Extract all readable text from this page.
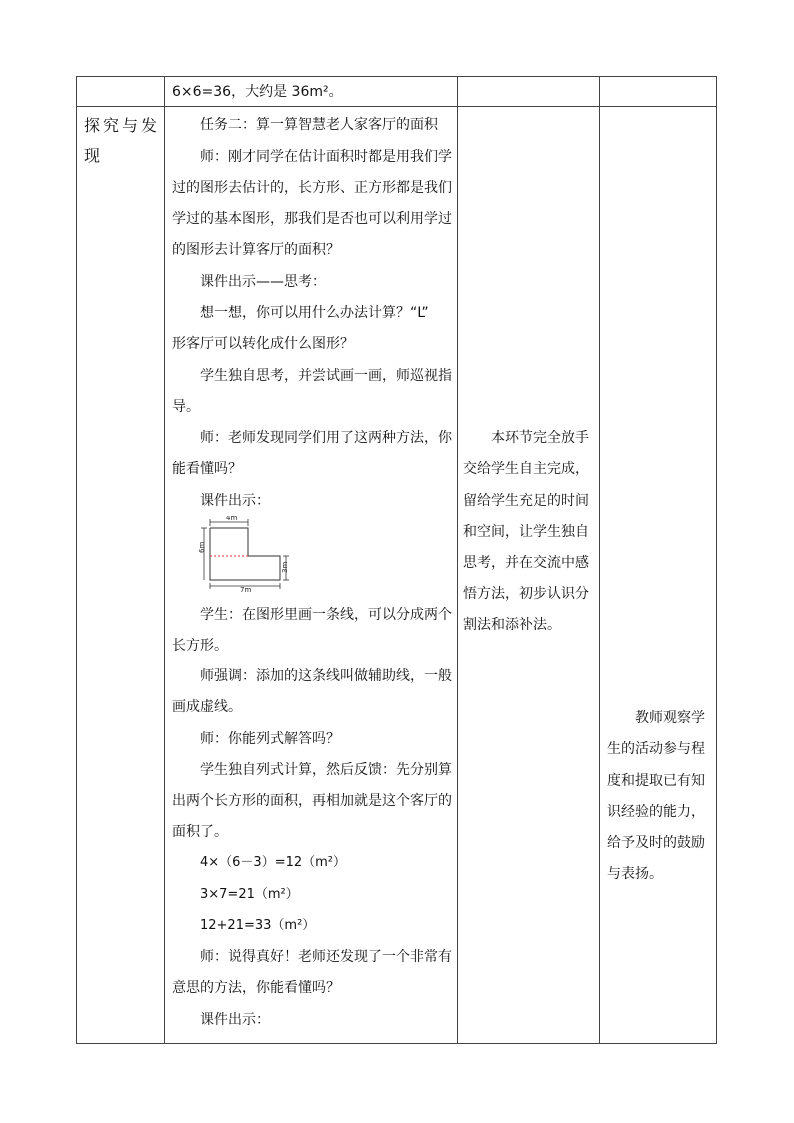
6×6=36，大约是 36m²。
探究与发
现
任务二：算一算智慧老人家客厅的面积
师：刚才同学在估计面积时都是用我们学
过的图形去估计的，长方形、正方形都是我们
学过的基本图形，那我们是否也可以利用学过
的图形去计算客厅的面积？
课件出示——思考：
想一想，你可以用什么办法计算？“L”
形客厅可以转化成什么图形？
学生独自思考，并尝试画一画，师巡视指
导。
师：老师发现同学们用了这两种方法，你
能看懂吗？
课件出示：
4m
6m
3m
7m
学生：在图形里画一条线，可以分成两个
长方形。
师强调：添加的这条线叫做辅助线，一般
画成虚线。
师：你能列式解答吗？
学生独自列式计算，然后反馈：先分别算
出两个长方形的面积，再相加就是这个客厅的
面积了。
4×（6－3）=12（m²）
3×7=21（m²）
12+21=33（m²）
师：说得真好！老师还发现了一个非常有
意思的方法，你能看懂吗？
课件出示：
本环节完全放手
交给学生自主完成，
留给学生充足的时间
和空间，让学生独自
思考，并在交流中感
悟方法，初步认识分
割法和添补法。
教师观察学
生的活动参与程
度和提取已有知
识经验的能力，
给予及时的鼓励
与表扬。
